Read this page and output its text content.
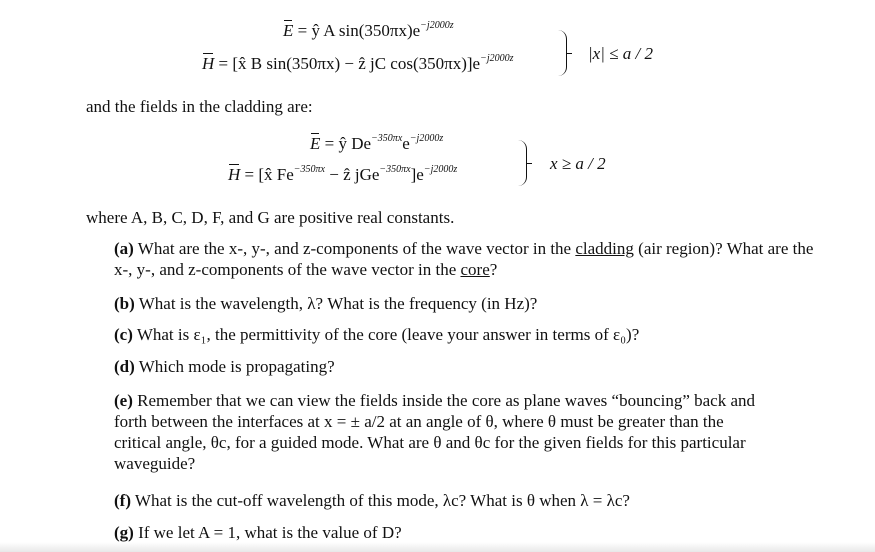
E = ŷ A $\sin(350\pi x)e^{-j2000z}$
H = [x̂ B sin(350πx) − ẑ jC $\cos(350\pi x)]e^{-j2000z}$	|x| ≤ a / 2
and the fields in the cladding are:
E = ŷ $De^{-350\pi x}e^{-j2000z}$
H = [x̂ $Fe^{-350\pi x}$ − ẑ $jGe^{-350\pi x}]e^{-j2000z}$	x ≥ a / 2
where A, B, C, D, F, and G are positive real constants.
(a) What are the x-, y-, and z-components of the wave vector in the cladding (air region)? What are the x-, y-, and z-components of the wave vector in the core?
(b) What is the wavelength, λ? What is the frequency (in Hz)?
(c) What is ε₁, the permittivity of the core (leave your answer in terms of ε₀)?
(d) Which mode is propagating?
(e) Remember that we can view the fields inside the core as plane waves “bouncing” back and forth between the interfaces at x = ± a/2 at an angle of θ, where θ must be greater than the critical angle, θc, for a guided mode. What are θ and θc for the given fields for this particular waveguide?
(f) What is the cut-off wavelength of this mode, λc? What is θ when λ = λc?
(g) If we let A = 1, what is the value of D?
